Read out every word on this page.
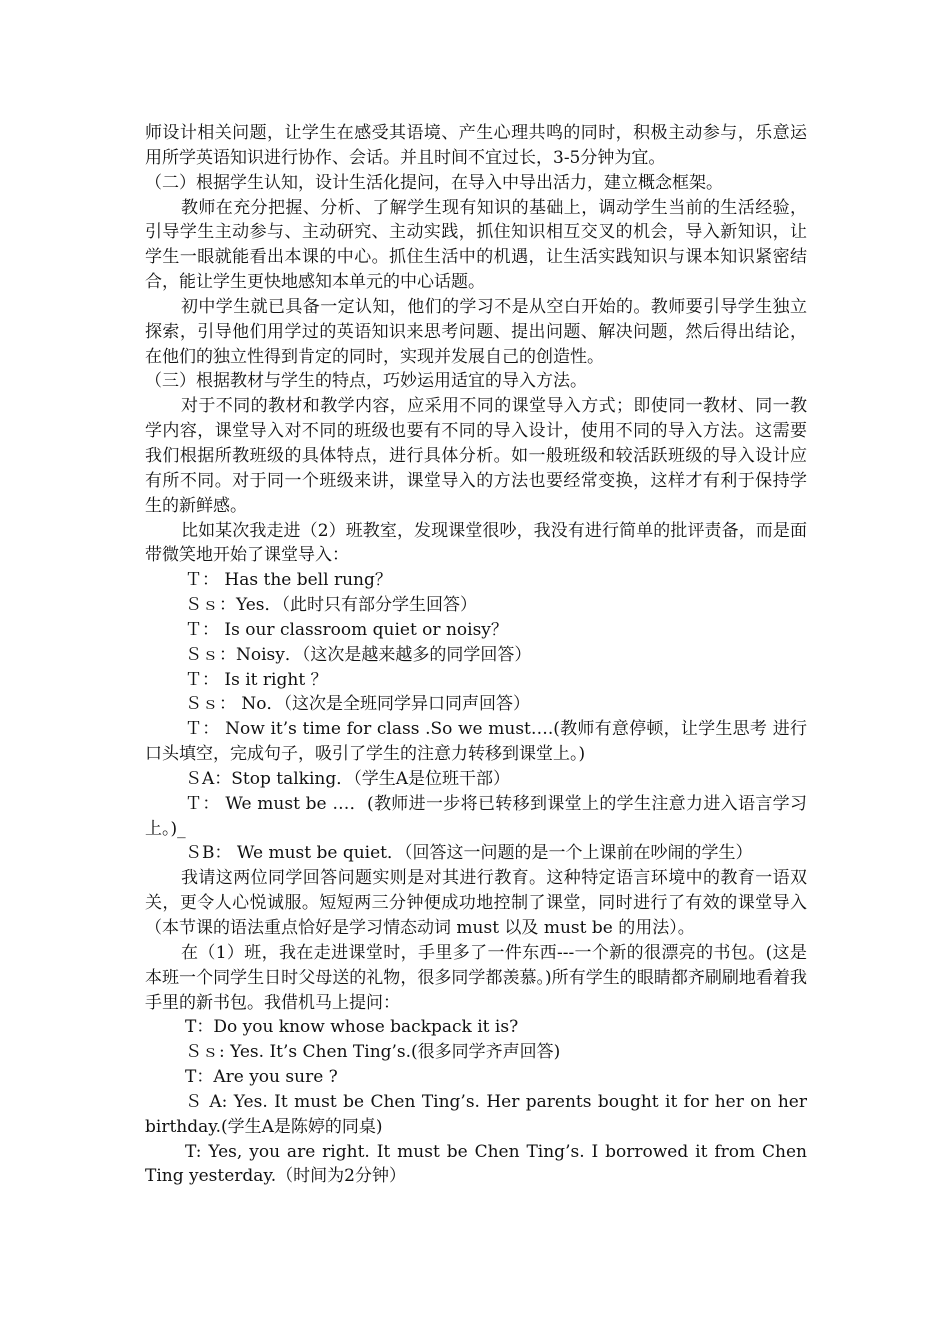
师设计相关问题，让学生在感受其语境、产生心理共鸣的同时，积极主动参与，乐意运用所学英语知识进行协作、会话。并且时间不宜过长，3-5分钟为宜。

（二）根据学生认知，设计生活化提问，在导入中导出活力，建立概念框架。

教师在充分把握、分析、了解学生现有知识的基础上，调动学生当前的生活经验，引导学生主动参与、主动研究、主动实践，抓住知识相互交叉的机会，导入新知识，让学生一眼就能看出本课的中心。抓住生活中的机遇，让生活实践知识与课本知识紧密结合，能让学生更快地感知本单元的中心话题。

初中学生就已具备一定认知，他们的学习不是从空白开始的。教师要引导学生独立探索，引导他们用学过的英语知识来思考问题、提出问题、解决问题，然后得出结论，在他们的独立性得到肯定的同时，实现并发展自己的创造性。

（三）根据教材与学生的特点，巧妙运用适宜的导入方法。

对于不同的教材和教学内容，应采用不同的课堂导入方式；即使同一教材、同一教学内容，课堂导入对不同的班级也要有不同的导入设计，使用不同的导入方法。这需要我们根据所教班级的具体特点，进行具体分析。如一般班级和较活跃班级的导入设计应有所不同。对于同一个班级来讲，课堂导入的方法也要经常变换，这样才有利于保持学生的新鲜感。

比如某次我走进（2）班教室，发现课堂很吵，我没有进行简单的批评责备，而是面带微笑地开始了课堂导入：

Ｔ： Has the bell rung？

Ｓｓ：Yes．（此时只有部分学生回答）

Ｔ： Is our classroom quiet or noisy？

Ｓｓ：Noisy．（这次是越来越多的同学回答）

Ｔ： Is it right ？

Ｓｓ： No．（这次是全班同学异口同声回答）

Ｔ： Now it’s time for class .So we must….(教师有意停顿，让学生思考 进行口头填空，完成句子，吸引了学生的注意力转移到课堂上。)

ＳA：Stop talking．（学生A是位班干部）

Ｔ： We must be …．(教师进一步将已转移到课堂上的学生注意力进入语言学习上。)_

ＳB： We must be quiet．（回答这一问题的是一个上课前在吵闹的学生）

我请这两位同学回答问题实则是对其进行教育。这种特定语言环境中的教育一语双关，更令人心悦诚服。短短两三分钟便成功地控制了课堂，同时进行了有效的课堂导入（本节课的语法重点恰好是学习情态动词 must 以及 must be 的用法）。

在（1）班，我在走进课堂时，手里多了一件东西---一个新的很漂亮的书包。(这是本班一个同学生日时父母送的礼物，很多同学都羡慕。)所有学生的眼睛都齐刷刷地看着我手里的新书包。我借机马上提问：

T：Do you know whose backpack it is?

Ｓｓ: Yes. It’s Chen Ting’s.(很多同学齐声回答)

T：Are you sure ?

Ｓ A: Yes. It must be Chen Ting’s. Her parents bought it for her on her birthday.(学生A是陈婷的同桌)

T: Yes, you are right. It must be Chen Ting’s. I borrowed it from Chen Ting yesterday.（时间为2分钟）
